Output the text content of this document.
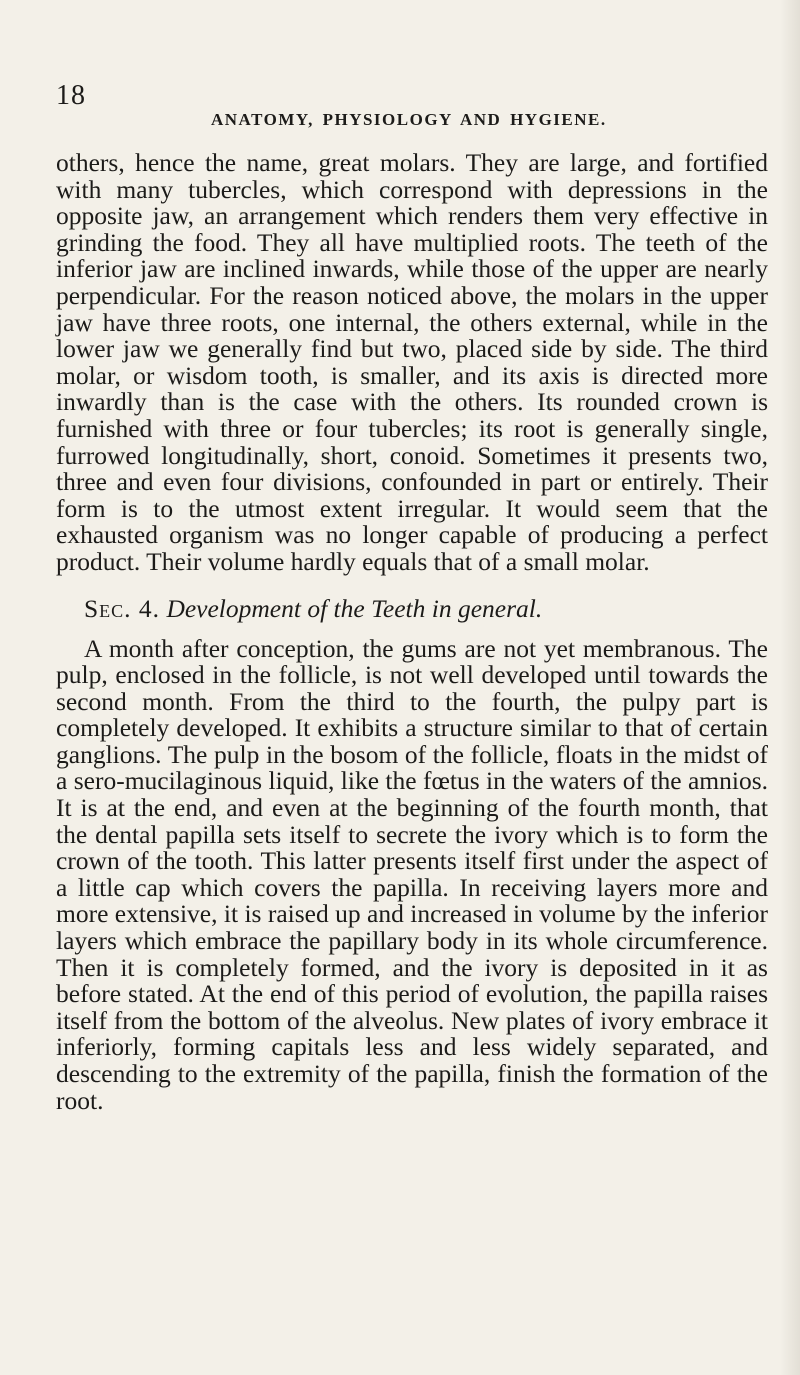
18
ANATOMY, PHYSIOLOGY AND HYGIENE.

others, hence the name, great molars. They are large, and fortified with many tubercles, which correspond with depressions in the opposite jaw, an arrangement which renders them very effective in grinding the food. They all have multiplied roots. The teeth of the inferior jaw are inclined inwards, while those of the upper are nearly perpendicular. For the reason noticed above, the molars in the upper jaw have three roots, one internal, the others external, while in the lower jaw we generally find but two, placed side by side. The third molar, or wisdom tooth, is smaller, and its axis is directed more inwardly than is the case with the others. Its rounded crown is furnished with three or four tubercles; its root is generally single, furrowed longitudinally, short, conoid. Sometimes it presents two, three and even four divisions, confounded in part or entirely. Their form is to the utmost extent irregular. It would seem that the exhausted organism was no longer capable of producing a perfect product. Their volume hardly equals that of a small molar.

Sec. 4. Development of the Teeth in general.

A month after conception, the gums are not yet membranous. The pulp, enclosed in the follicle, is not well developed until towards the second month. From the third to the fourth, the pulpy part is completely developed. It exhibits a structure similar to that of certain ganglions. The pulp in the bosom of the follicle, floats in the midst of a sero-mucilaginous liquid, like the fœtus in the waters of the amnios. It is at the end, and even at the beginning of the fourth month, that the dental papilla sets itself to secrete the ivory which is to form the crown of the tooth. This latter presents itself first under the aspect of a little cap which covers the papilla. In receiving layers more and more extensive, it is raised up and increased in volume by the inferior layers which embrace the papillary body in its whole circumference. Then it is completely formed, and the ivory is deposited in it as before stated. At the end of this period of evolution, the papilla raises itself from the bottom of the alveolus. New plates of ivory embrace it inferiorly, forming capitals less and less widely separated, and descending to the extremity of the papilla, finish the formation of the root.
